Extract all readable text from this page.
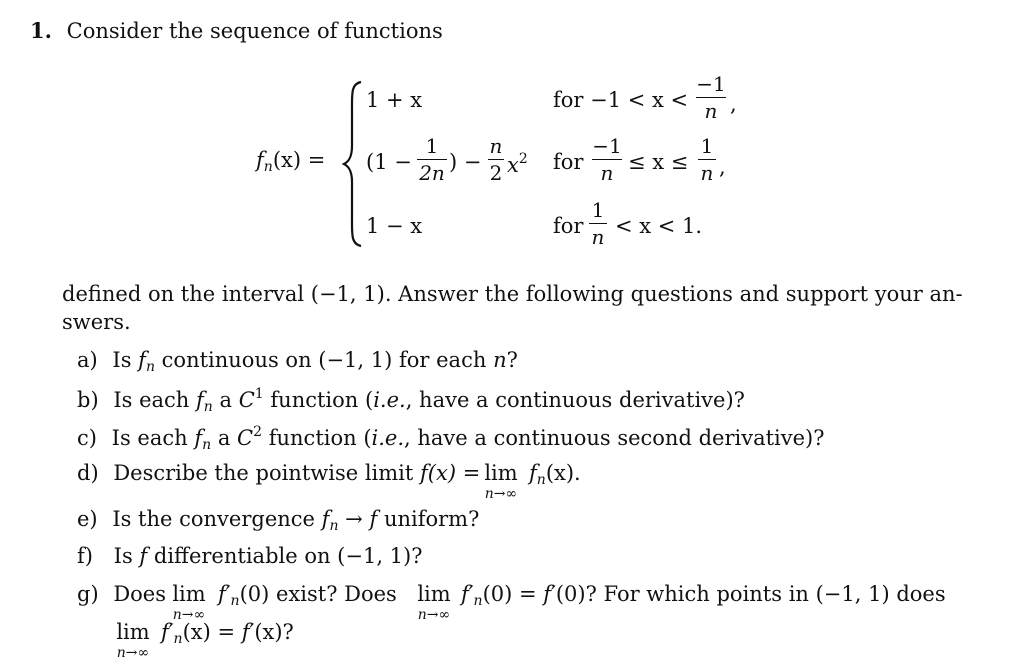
1. Consider the sequence of functions
$f_n(x)$ =
1 + x	for −1 < x <
−1
n ,
(1 −
1
2n ) −
n
2 $x^2$ for
−1
n ≤ x ≤
1
n ,
1 − x	for
1
n < x < 1.
defined on the interval (−1, 1). Answer the following questions and support your an-
swers.
a) Is $f_n$ continuous on (−1, 1) for each n?
b) Is each $f_n$ a $C^1$ function (i.e., have a continuous derivative)?
c) Is each $f_n$ a $C^2$ function (i.e., have a continuous second derivative)?
d) Describe the pointwise limit f(x) = lim
n→∞
$f_n(x)$.
e) Is the convergence $f_n \to f$ uniform?
f) Is f differentiable on (−1, 1)?
g) Does lim
n→∞
$f'_n(0)$ exist? Does lim
n→∞
$f'_n(0) = f'(0)$? For which points in (−1, 1) does
lim
n→∞
$f'_n(x) = f'(x)$?
